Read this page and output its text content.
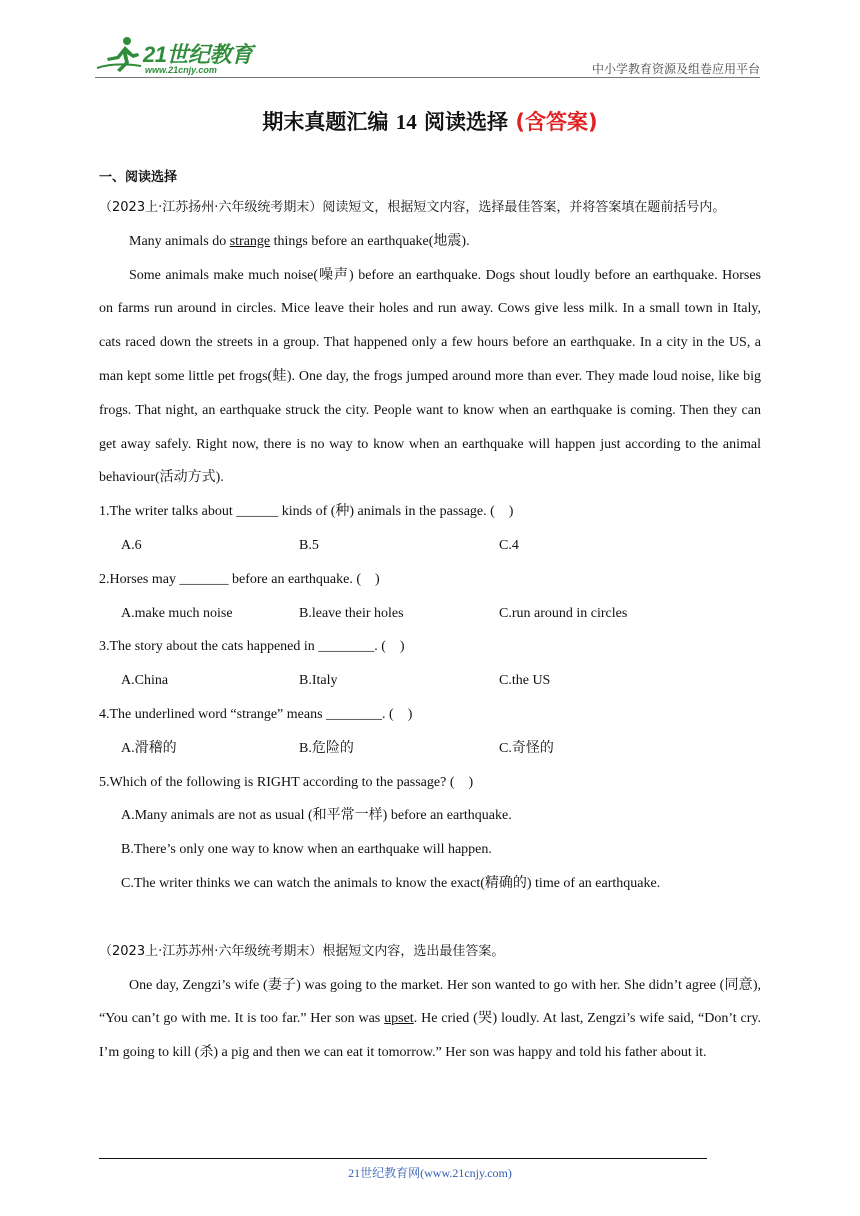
21世纪教育
www.21cnjy.com	中小学教育资源及组卷应用平台
期末真题汇编 14 阅读选择 (含答案)

一、阅读选择

（2023上·江苏扬州·六年级统考期末）阅读短文，根据短文内容，选择最佳答案，并将答案填在题前括号内。

Many animals do strange things before an earthquake(地震).

Some animals make much noise(噪声) before an earthquake. Dogs shout loudly before an earthquake. Horses on farms run around in circles. Mice leave their holes and run away. Cows give less milk. In a small town in Italy, cats raced down the streets in a group. That happened only a few hours before an earthquake. In a city in the US, a man kept some little pet frogs(蛙). One day, the frogs jumped around more than ever. They made loud noise, like big frogs. That night, an earthquake struck the city. People want to know when an earthquake is coming. Then they can get away safely. Right now, there is no way to know when an earthquake will happen just according to the animal behaviour(活动方式).

1.The writer talks about ______ kinds of (种) animals in the passage. (　)

A.6	B.5	C.4

2.Horses may _______ before an earthquake. (　)

A.make much noise	B.leave their holes	C.run around in circles

3.The story about the cats happened in ________. (　)

A.China	B.Italy	C.the US

4.The underlined word “strange” means ________. (　)

A.滑稽的	B.危险的	C.奇怪的

5.Which of the following is RIGHT according to the passage? (　)

A.Many animals are not as usual (和平常一样) before an earthquake.

B.There’s only one way to know when an earthquake will happen.

C.The writer thinks we can watch the animals to know the exact(精确的) time of an earthquake.

（2023上·江苏苏州·六年级统考期末）根据短文内容，选出最佳答案。

One day, Zengzi’s wife (妻子) was going to the market. Her son wanted to go with her. She didn’t agree (同意), “You can’t go with me. It is too far.” Her son was upset. He cried (哭) loudly. At last, Zengzi’s wife said, “Don’t cry. I’m going to kill (杀) a pig and then we can eat it tomorrow.” Her son was happy and told his father about it.

21世纪教育网(www.21cnjy.com)
